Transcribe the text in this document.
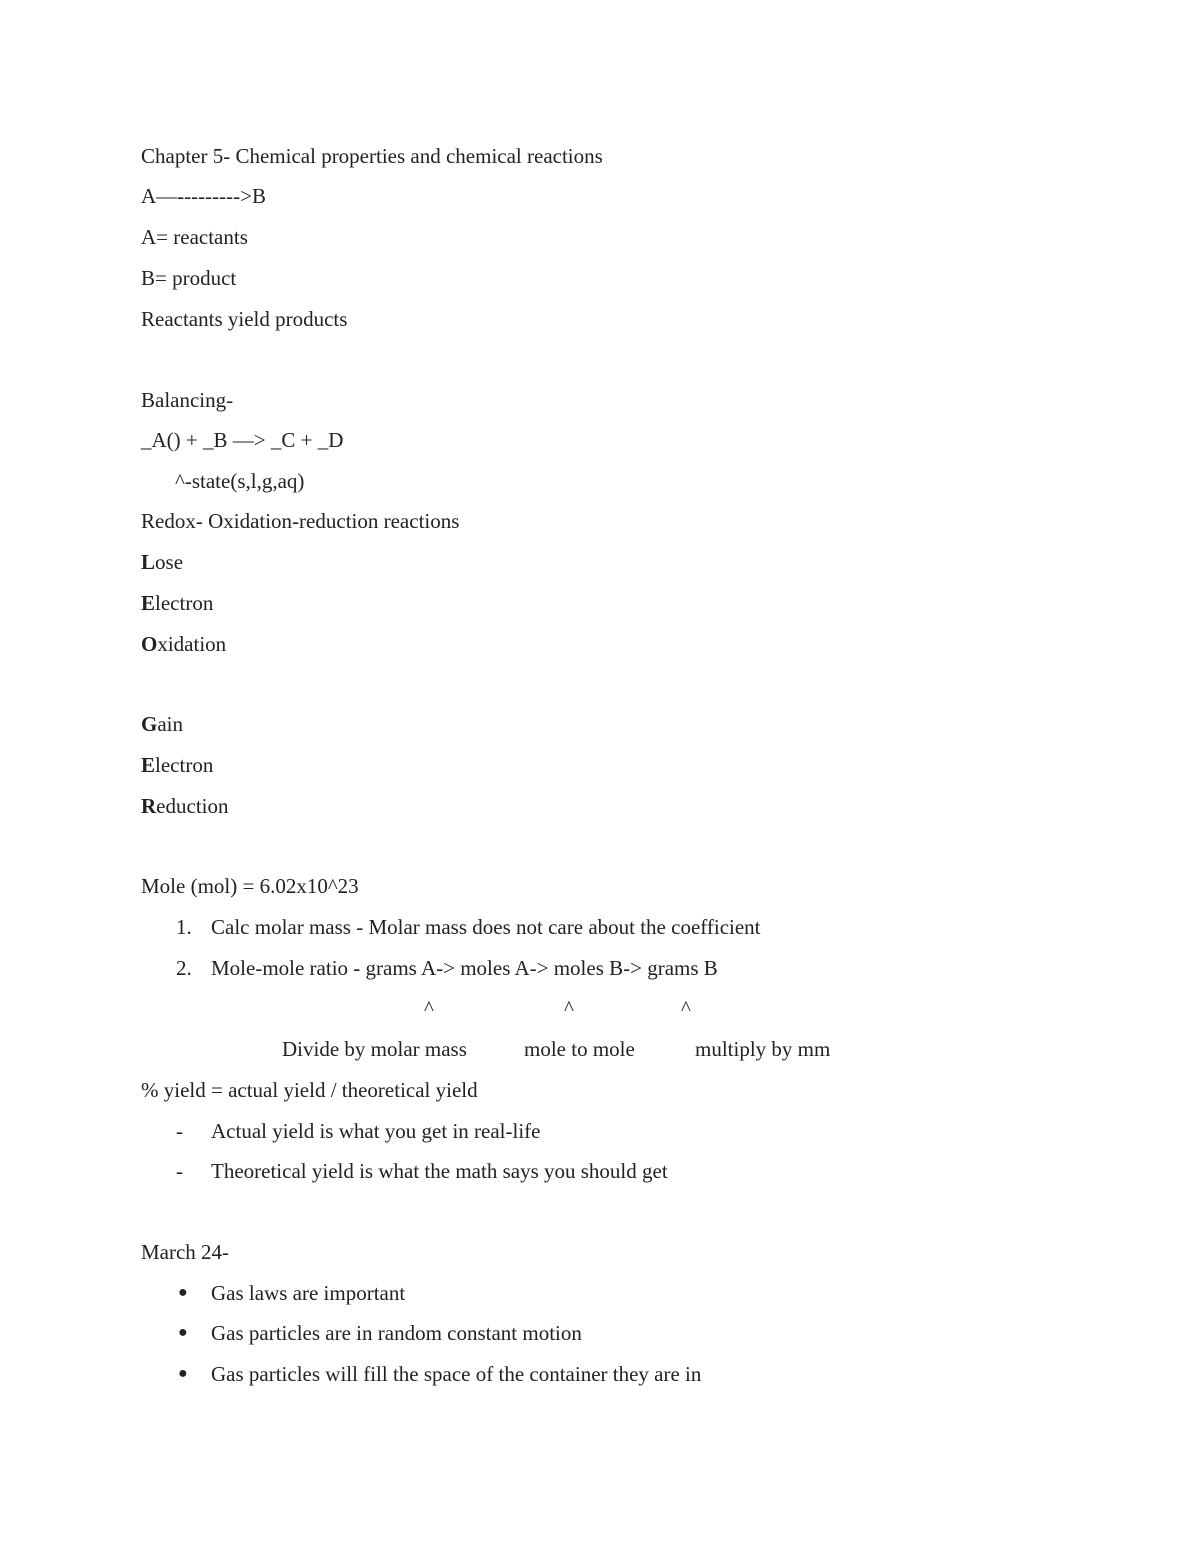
Chapter 5- Chemical properties and chemical reactions

A—--------->B

A= reactants

B= product

Reactants yield products

Balancing-

_A() + _B —> _C + _D

^-state(s,l,g,aq)

Redox- Oxidation-reduction reactions

Lose

Electron

Oxidation

Gain

Electron

Reduction

Mole (mol) = 6.02x10^23

1. Calc molar mass - Molar mass does not care about the coefficient
2. Mole-mole ratio - grams A-> moles A-> moles B-> grams B
^	^	^
Divide by molar mass	mole to mole	multiply by mm

% yield = actual yield / theoretical yield

- Actual yield is what you get in real-life
- Theoretical yield is what the math says you should get

March 24-

● Gas laws are important
● Gas particles are in random constant motion
● Gas particles will fill the space of the container they are in
